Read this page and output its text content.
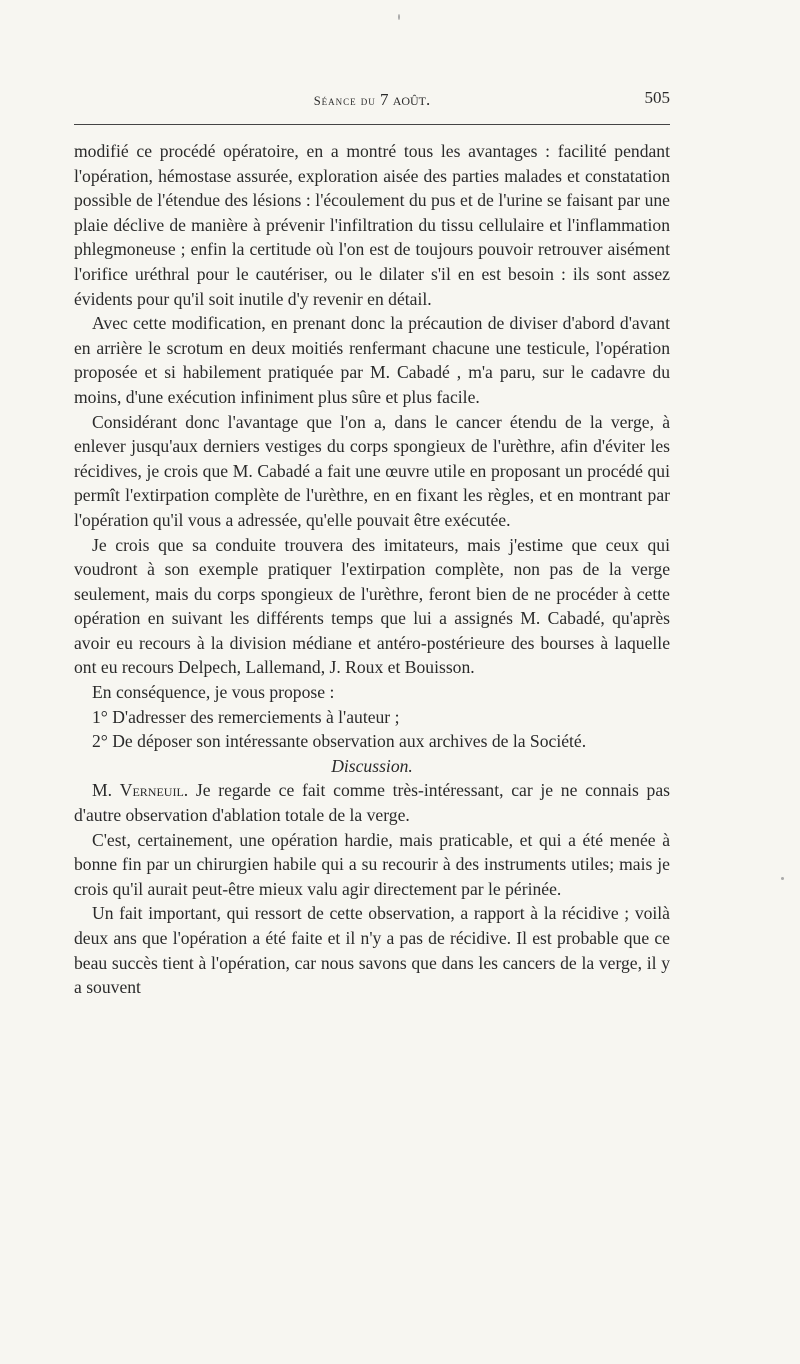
Séance du 7 août.	505

modifié ce procédé opératoire, en a montré tous les avantages : facilité pendant l'opération, hémostase assurée, exploration aisée des parties malades et constatation possible de l'étendue des lésions : l'écoulement du pus et de l'urine se faisant par une plaie déclive de manière à prévenir l'infiltration du tissu cellulaire et l'inflammation phlegmoneuse ; enfin la certitude où l'on est de toujours pouvoir retrouver aisément l'orifice uréthral pour le cautériser, ou le dilater s'il en est besoin : ils sont assez évidents pour qu'il soit inutile d'y revenir en détail.

Avec cette modification, en prenant donc la précaution de diviser d'abord d'avant en arrière le scrotum en deux moitiés renfermant chacune une testicule, l'opération proposée et si habilement pratiquée par M. Cabadé , m'a paru, sur le cadavre du moins, d'une exécution infiniment plus sûre et plus facile.

Considérant donc l'avantage que l'on a, dans le cancer étendu de la verge, à enlever jusqu'aux derniers vestiges du corps spongieux de l'urèthre, afin d'éviter les récidives, je crois que M. Cabadé a fait une œuvre utile en proposant un procédé qui permît l'extirpation complète de l'urèthre, en en fixant les règles, et en montrant par l'opération qu'il vous a adressée, qu'elle pouvait être exécutée.

Je crois que sa conduite trouvera des imitateurs, mais j'estime que ceux qui voudront à son exemple pratiquer l'extirpation complète, non pas de la verge seulement, mais du corps spongieux de l'urèthre, feront bien de ne procéder à cette opération en suivant les différents temps que lui a assignés M. Cabadé, qu'après avoir eu recours à la division médiane et antéro-postérieure des bourses à laquelle ont eu recours Delpech, Lallemand, J. Roux et Bouisson.

En conséquence, je vous propose :

1° D'adresser des remerciements à l'auteur ;

2° De déposer son intéressante observation aux archives de la Société.

Discussion.

M. Verneuil. Je regarde ce fait comme très-intéressant, car je ne connais pas d'autre observation d'ablation totale de la verge.

C'est, certainement, une opération hardie, mais praticable, et qui a été menée à bonne fin par un chirurgien habile qui a su recourir à des instruments utiles; mais je crois qu'il aurait peut-être mieux valu agir directement par le périnée.

Un fait important, qui ressort de cette observation, a rapport à la récidive ; voilà deux ans que l'opération a été faite et il n'y a pas de récidive. Il est probable que ce beau succès tient à l'opération, car nous savons que dans les cancers de la verge, il y a souvent
